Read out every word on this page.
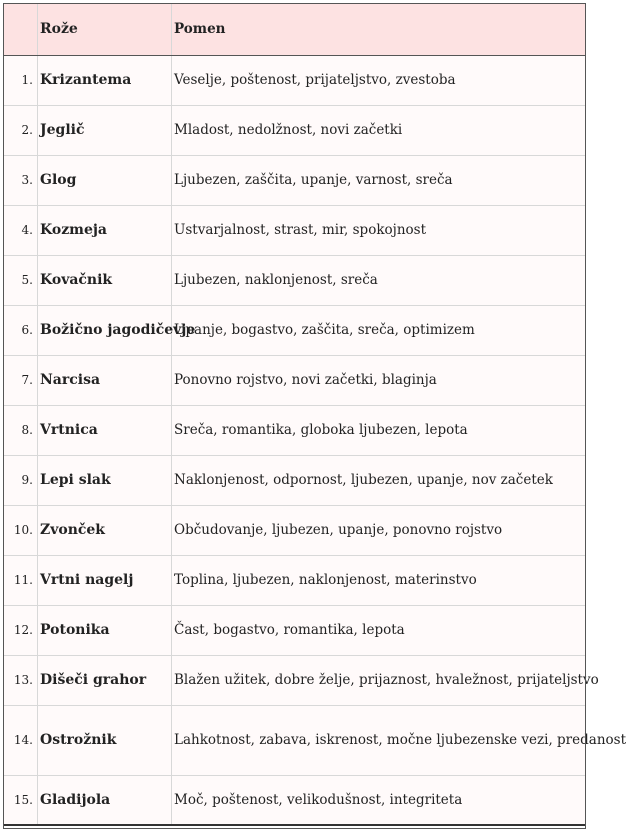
	Rože	Pomen
1.	Krizantema	Veselje, poštenost, prijateljstvo, zvestoba
2.	Jeglič	Mladost, nedolžnost, novi začetki
3.	Glog	Ljubezen, zaščita, upanje, varnost, sreča
4.	Kozmeja	Ustvarjalnost, strast, mir, spokojnost
5.	Kovačnik	Ljubezen, naklonjenost, sreča
6.	Božično jagodičevje	Upanje, bogastvo, zaščita, sreča, optimizem
7.	Narcisa	Ponovno rojstvo, novi začetki, blaginja
8.	Vrtnica	Sreča, romantika, globoka ljubezen, lepota
9.	Lepi slak	Naklonjenost, odpornost, ljubezen, upanje, nov začetek
10.	Zvonček	Občudovanje, ljubezen, upanje, ponovno rojstvo
11.	Vrtni nagelj	Toplina, ljubezen, naklonjenost, materinstvo
12.	Potonika	Čast, bogastvo, romantika, lepota
13.	Dišeči grahor	Blažen užitek, dobre želje, prijaznost, hvaležnost, prijateljstvo
14.	Ostrožnik	Lahkotnost, zabava, iskrenost, močne ljubezenske vezi, predanost
15.	Gladijola	Moč, poštenost, velikodušnost, integriteta
